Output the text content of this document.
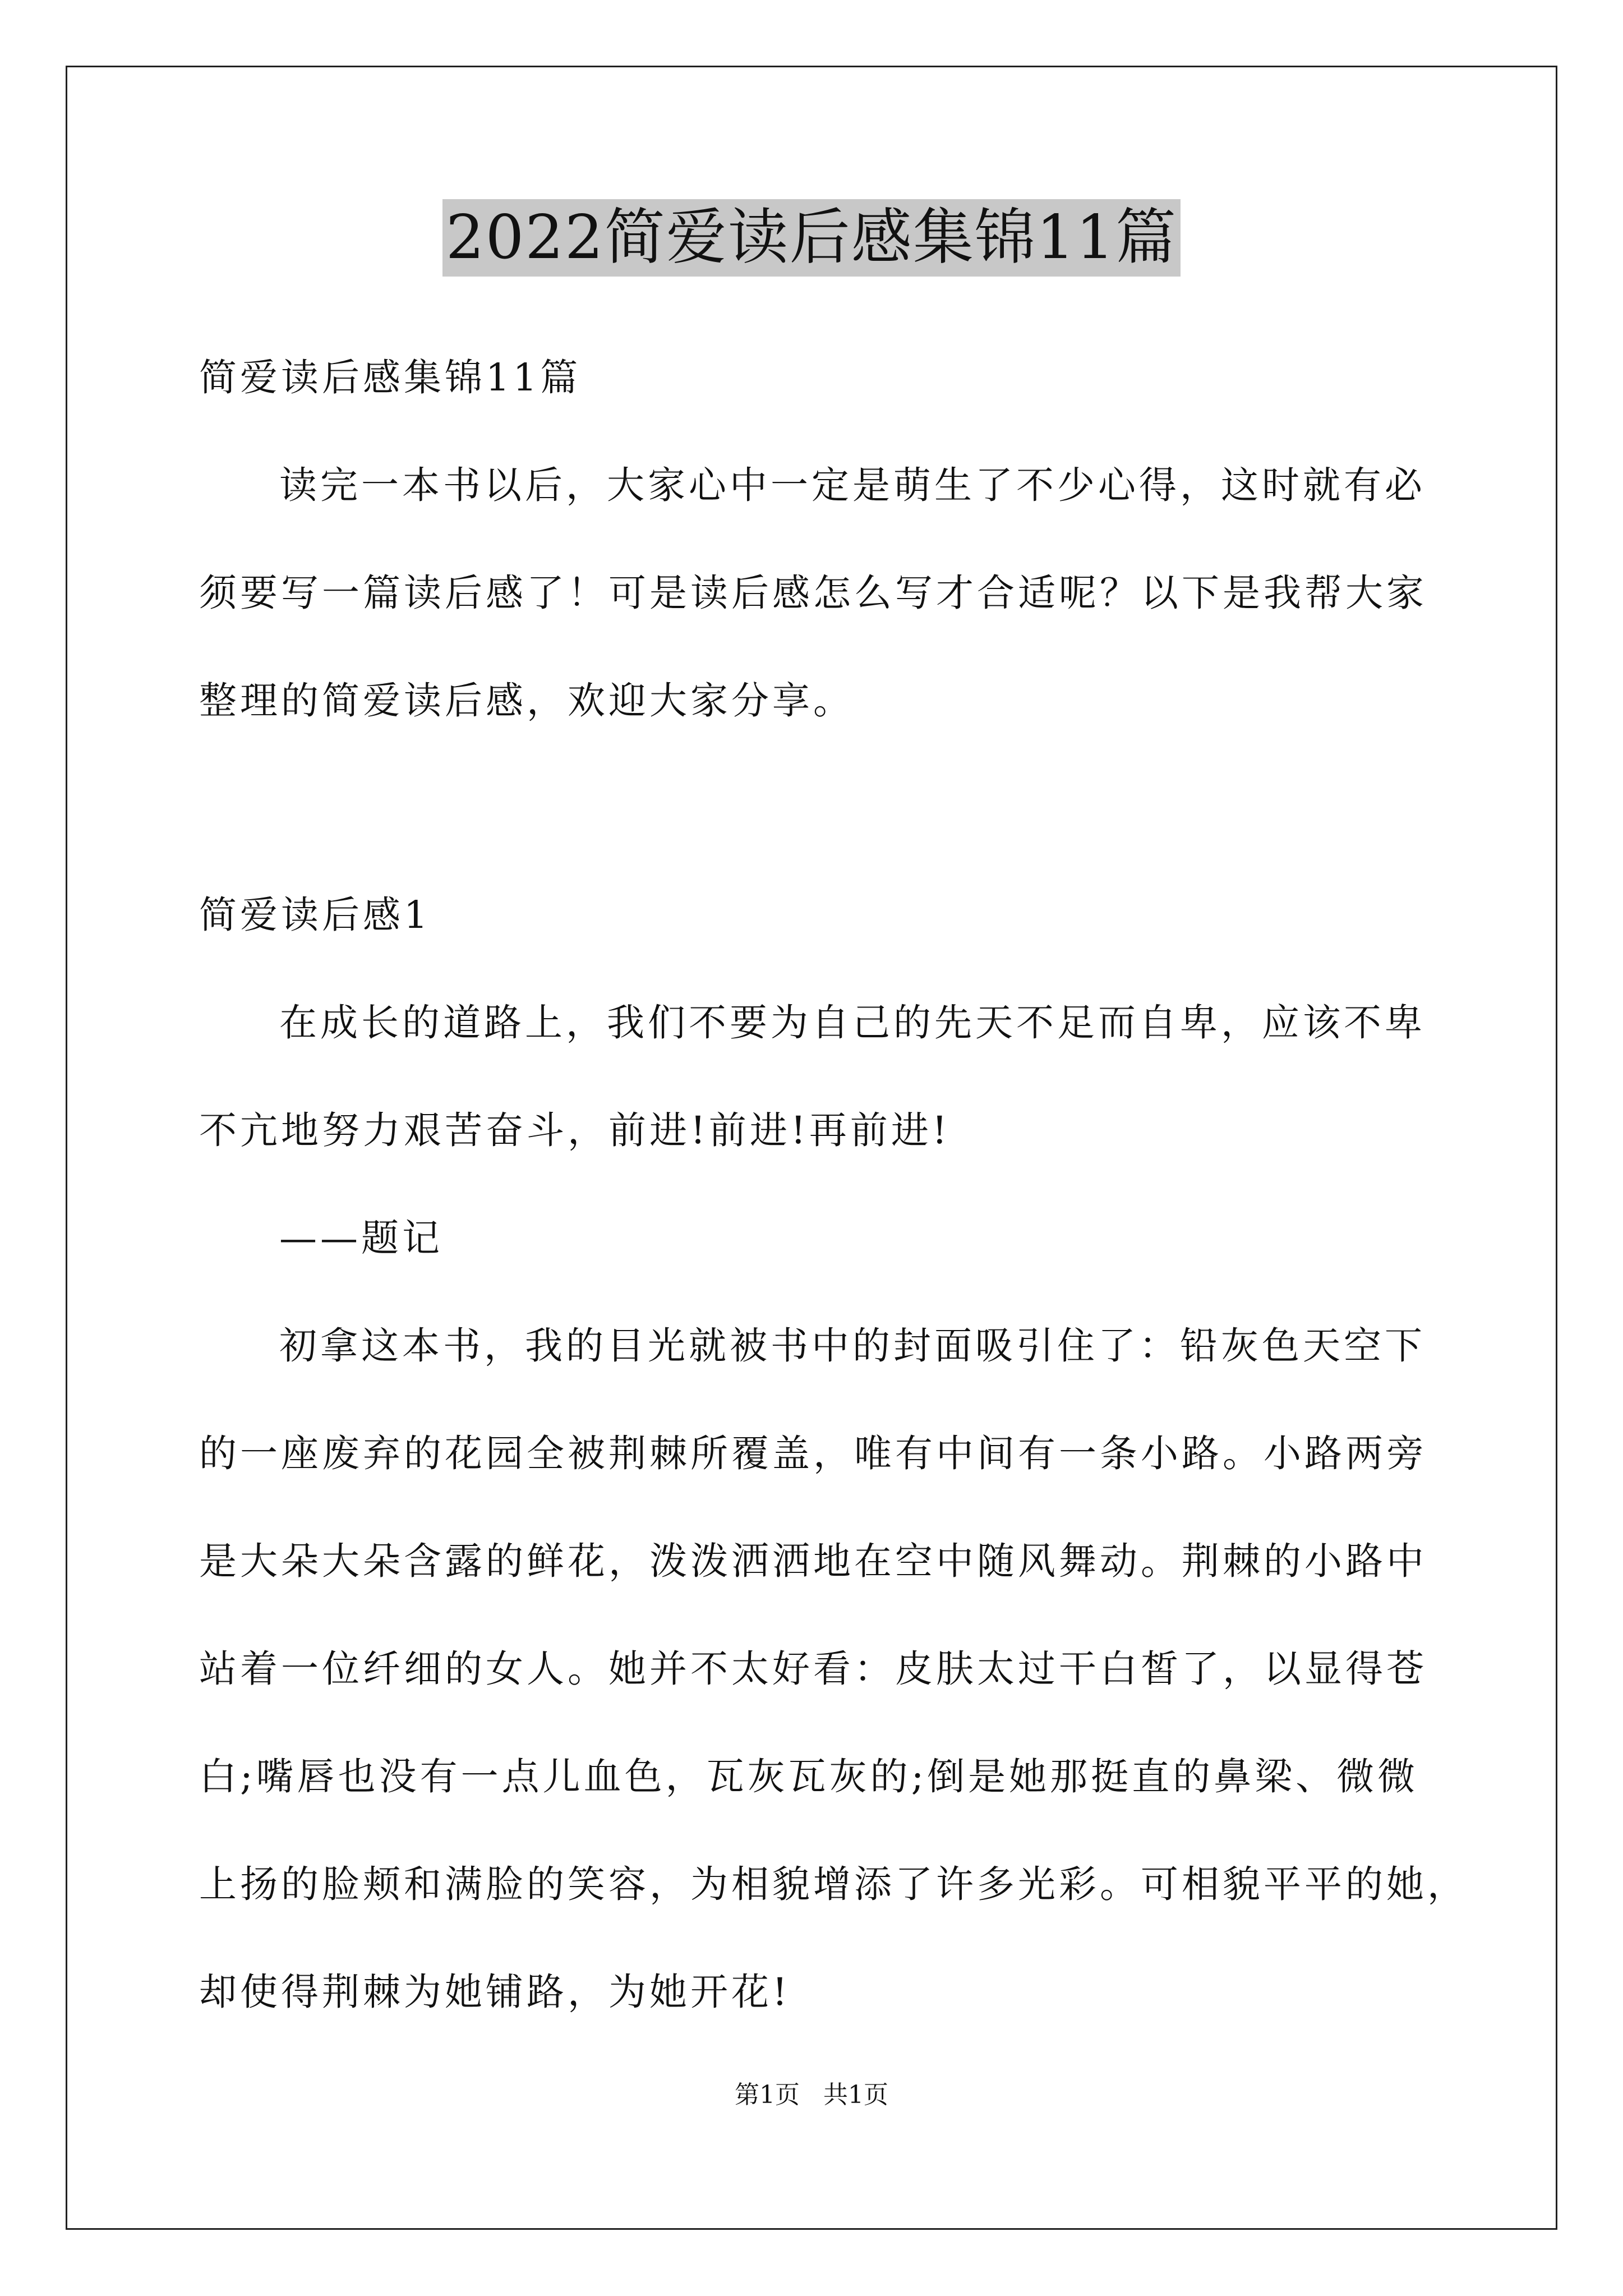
2022简爱读后感集锦11篇
简爱读后感集锦11篇
读完一本书以后，大家心中一定是萌生了不少心得，这时就有必
须要写一篇读后感了！可是读后感怎么写才合适呢？以下是我帮大家
整理的简爱读后感，欢迎大家分享。
简爱读后感1
在成长的道路上，我们不要为自己的先天不足而自卑，应该不卑
不亢地努力艰苦奋斗，前进!前进!再前进!
——题记
初拿这本书，我的目光就被书中的封面吸引住了：铅灰色天空下
的一座废弃的花园全被荆棘所覆盖，唯有中间有一条小路。小路两旁
是大朵大朵含露的鲜花，泼泼洒洒地在空中随风舞动。荆棘的小路中
站着一位纤细的女人。她并不太好看：皮肤太过干白皙了，以显得苍
白;嘴唇也没有一点儿血色，瓦灰瓦灰的;倒是她那挺直的鼻梁、微微
上扬的脸颊和满脸的笑容，为相貌增添了许多光彩。可相貌平平的她，
却使得荆棘为她铺路，为她开花!
第1页 共1页
